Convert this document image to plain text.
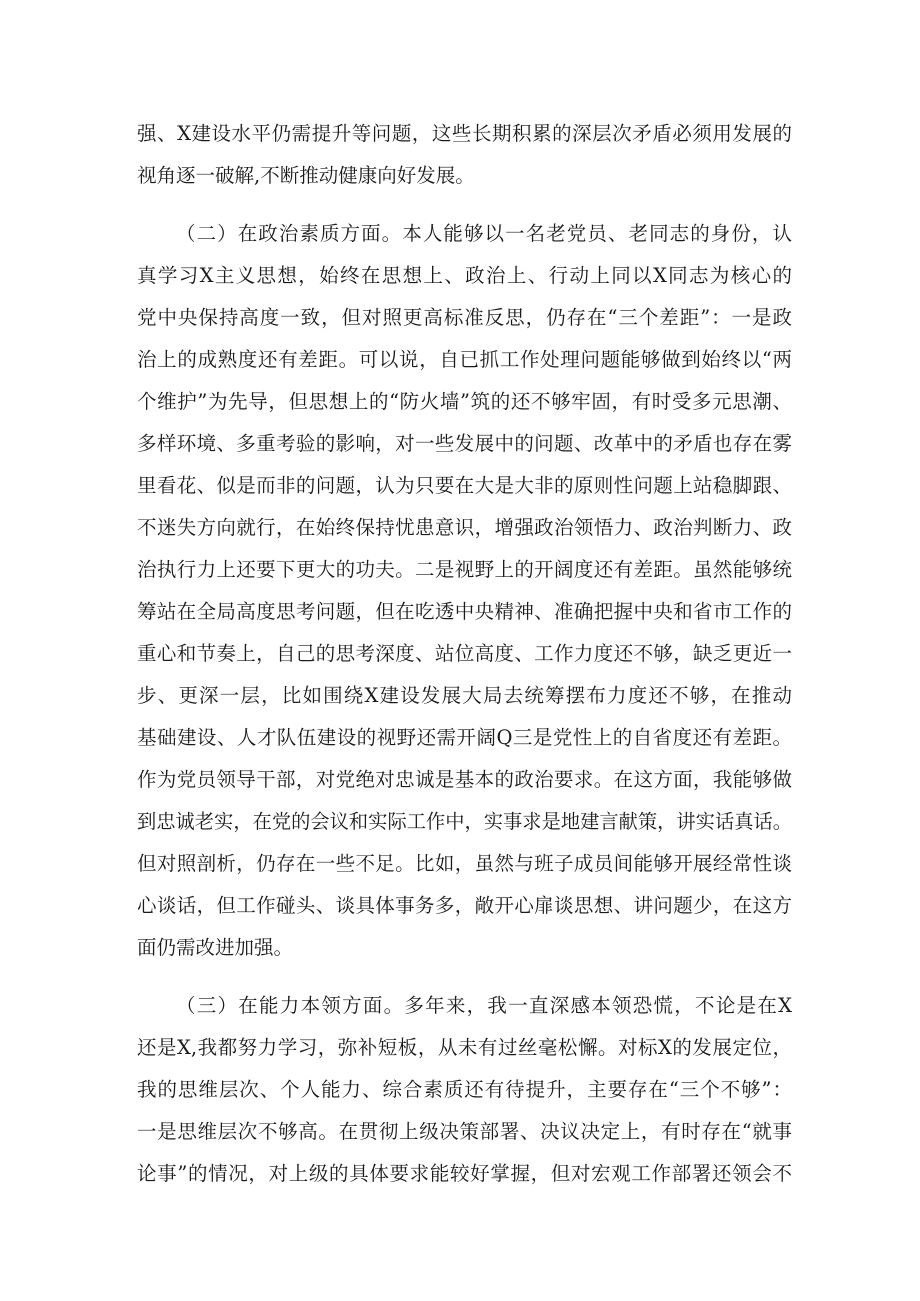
强、X建设水平仍需提升等问题，这些长期积累的深层次矛盾必须用发展的
视角逐一破解,不断推动健康向好发展。
（二）在政治素质方面。本人能够以一名老党员、老同志的身份，认
真学习X主义思想，始终在思想上、政治上、行动上同以X同志为核心的
党中央保持高度一致，但对照更高标准反思，仍存在“三个差距”：一是政
治上的成熟度还有差距。可以说，自已抓工作处理问题能够做到始终以“两
个维护”为先导，但思想上的“防火墙”筑的还不够牢固，有时受多元思潮、
多样环境、多重考验的影响，对一些发展中的问题、改革中的矛盾也存在雾
里看花、似是而非的问题，认为只要在大是大非的原则性问题上站稳脚跟、
不迷失方向就行，在始终保持忧患意识，增强政治领悟力、政治判断力、政
治执行力上还要下更大的功夫。二是视野上的开阔度还有差距。虽然能够统
筹站在全局高度思考问题，但在吃透中央精神、准确把握中央和省市工作的
重心和节奏上，自己的思考深度、站位高度、工作力度还不够，缺乏更近一
步、更深一层，比如围绕X建设发展大局去统筹摆布力度还不够，在推动
基础建设、人才队伍建设的视野还需开阔Q三是党性上的自省度还有差距。
作为党员领导干部，对党绝对忠诚是基本的政治要求。在这方面，我能够做
到忠诚老实，在党的会议和实际工作中，实事求是地建言献策，讲实话真话。
但对照剖析，仍存在一些不足。比如，虽然与班子成员间能够开展经常性谈
心谈话，但工作碰头、谈具体事务多，敞开心扉谈思想、讲问题少，在这方
面仍需改进加强。
（三）在能力本领方面。多年来，我一直深感本领恐慌，不论是在X
还是X,我都努力学习，弥补短板，从未有过丝毫松懈。对标X的发展定位，
我的思维层次、个人能力、综合素质还有待提升，主要存在“三个不够”：
一是思维层次不够高。在贯彻上级决策部署、决议决定上，有时存在“就事
论事”的情况，对上级的具体要求能较好掌握，但对宏观工作部署还领会不
